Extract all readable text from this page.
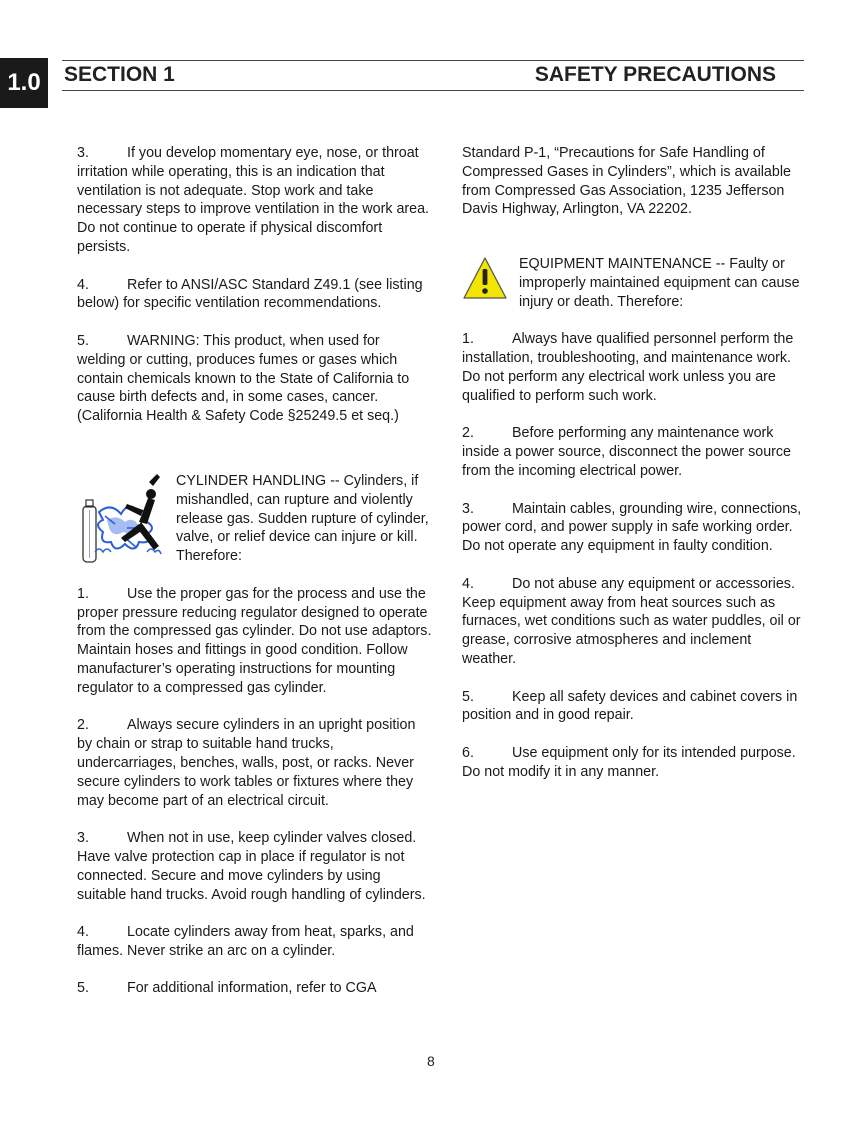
1.0	SECTION 1	SAFETY PRECAUTIONS
3.	If you develop momentary eye, nose, or throat irritation while operating, this is an indication that ventilation is not adequate. Stop work and take necessary steps to improve ventilation in the work area. Do not continue to operate if physical discomfort persists.
4.	Refer to ANSI/ASC Standard Z49.1 (see listing below) for specific ventilation recommendations.
5.	WARNING: This product, when used for welding or cutting, produces fumes or gases which contain chemicals known to the State of California to cause birth defects and, in some cases, cancer. (California Health & Safety Code §25249.5 et seq.)
CYLINDER HANDLING -- Cylinders, if mishandled, can rupture and violently release gas. Sudden rupture of cylinder, valve, or relief device can injure or kill. Therefore:
1.	Use the proper gas for the process and use the proper pressure reducing regulator designed to operate from the compressed gas cylinder. Do not use adaptors. Maintain hoses and fittings in good condition. Follow manufacturer’s operating instructions for mounting regulator to a compressed gas cylinder.
2.	Always secure cylinders in an upright position by chain or strap to suitable hand trucks, undercarriages, benches, walls, post, or racks. Never secure cylinders to work tables or fixtures where they may become part of an electrical circuit.
3.	When not in use, keep cylinder valves closed. Have valve protection cap in place if regulator is not connected. Secure and move cylinders by using suitable hand trucks. Avoid rough handling of cylinders.
4.	Locate cylinders away from heat, sparks, and flames. Never strike an arc on a cylinder.
5.	For additional information, refer to CGA
Standard P-1, “Precautions for Safe Handling of Compressed Gases in Cylinders”, which is available from Compressed Gas Association, 1235 Jefferson Davis Highway, Arlington, VA 22202.
EQUIPMENT MAINTENANCE -- Faulty or improperly maintained equipment can cause injury or death. Therefore:
1.	Always have qualified personnel perform the installation, troubleshooting, and maintenance work. Do not perform any electrical work unless you are qualified to perform such work.
2.	Before performing any maintenance work inside a power source, disconnect the power source from the incoming electrical power.
3.	Maintain cables, grounding wire, connections, power cord, and power supply in safe working order. Do not operate any equipment in faulty condition.
4.	Do not abuse any equipment or accessories. Keep equipment away from heat sources such as furnaces, wet conditions such as water puddles, oil or grease, corrosive atmospheres and inclement weather.
5.	Keep all safety devices and cabinet covers in position and in good repair.
6.	Use equipment only for its intended purpose. Do not modify it in any manner.
8
